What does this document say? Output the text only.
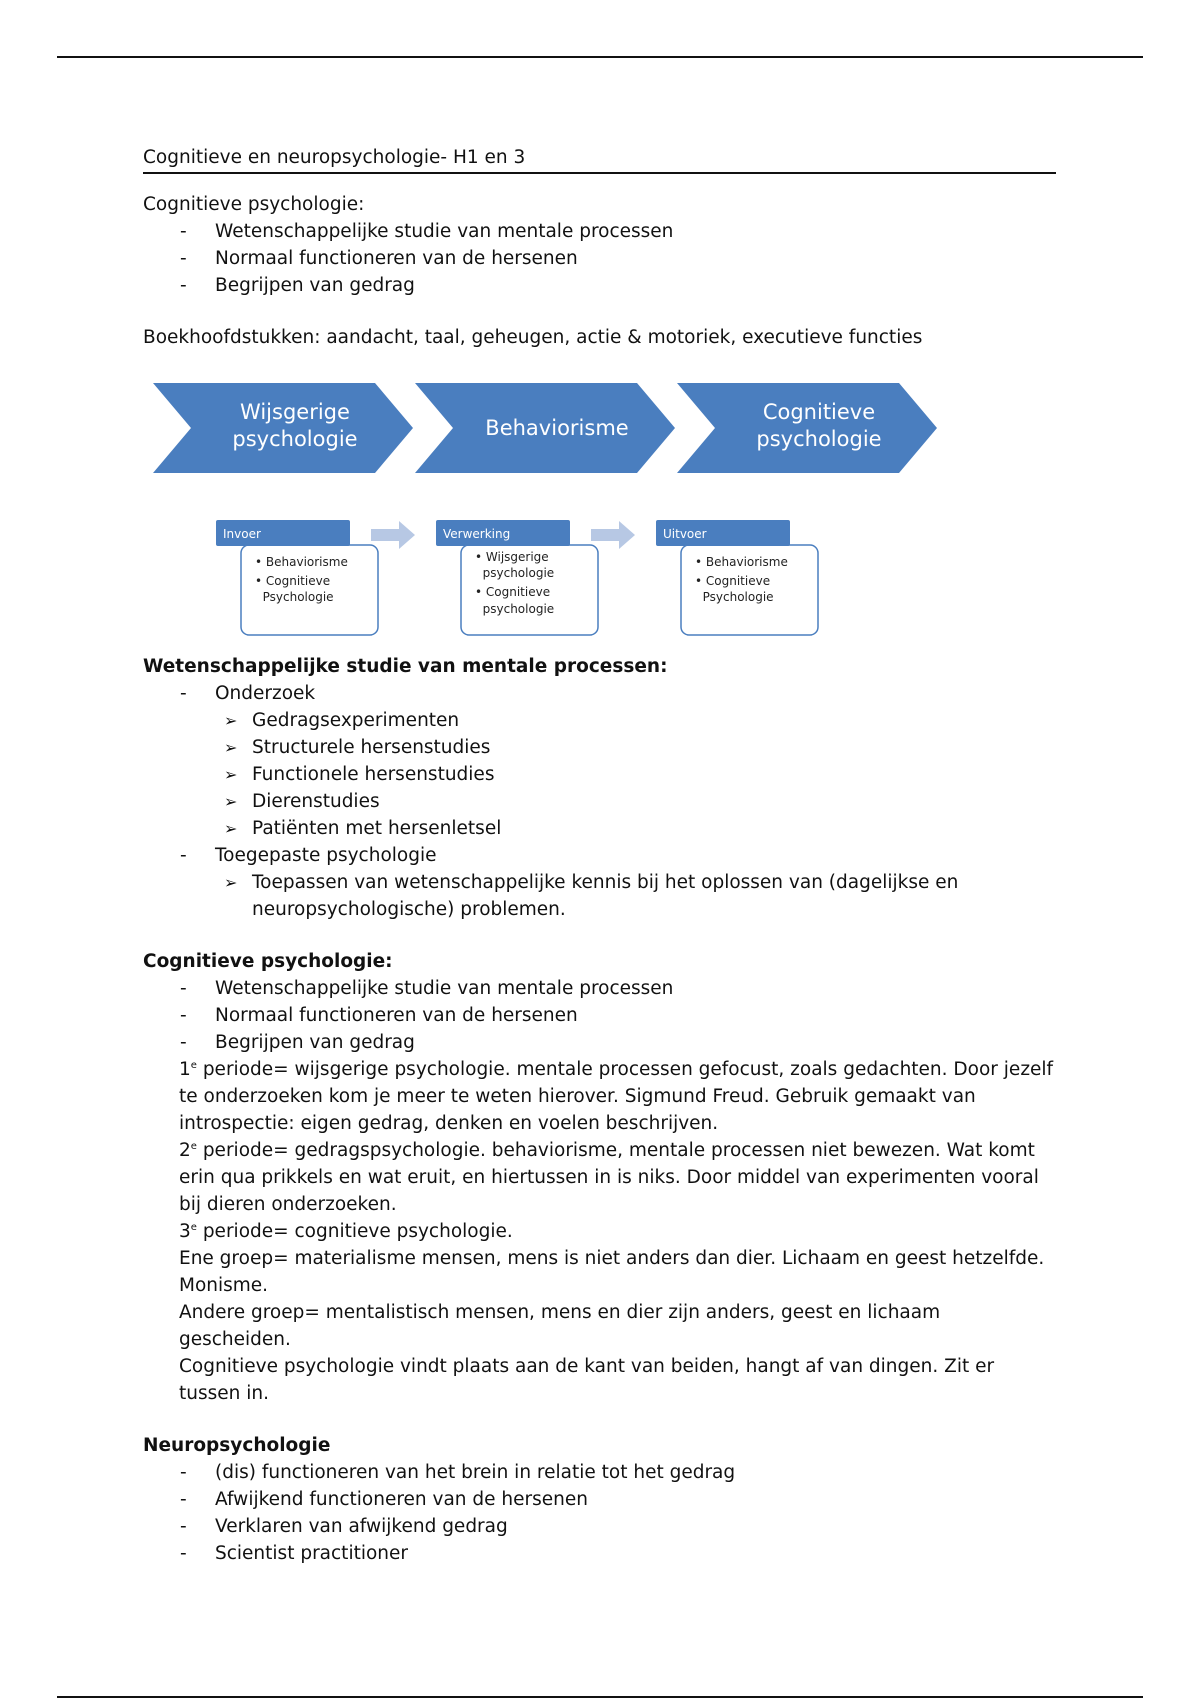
Cognitieve en neuropsychologie- H1 en 3

Cognitieve psychologie:

- Wetenschappelijke studie van mentale processen
- Normaal functioneren van de hersenen
- Begrijpen van gedrag

Boekhoofdstukken: aandacht, taal, geheugen, actie & motoriek, executieve functies

Wijsgerige
psychologie	Behaviorisme
Cognitieve
psychologie
Invoer
• Behaviorisme
• Cognitieve
Psychologie
Verwerking
• Wijsgerige
psychologie
• Cognitieve
psychologie
Uitvoer
• Behaviorisme
• Cognitieve
Psychologie

Wetenschappelijke studie van mentale processen:

- Onderzoek
➢ Gedragsexperimenten
➢ Structurele hersenstudies
➢ Functionele hersenstudies
➢ Dierenstudies
➢ Patiënten met hersenletsel
- Toegepaste psychologie
➢ Toepassen van wetenschappelijke kennis bij het oplossen van (dagelijkse en neuropsychologische) problemen.

Cognitieve psychologie:

- Wetenschappelijke studie van mentale processen
- Normaal functioneren van de hersenen
- Begrijpen van gedrag

1e periode= wijsgerige psychologie. mentale processen gefocust, zoals gedachten. Door jezelf te onderzoeken kom je meer te weten hierover. Sigmund Freud. Gebruik gemaakt van introspectie: eigen gedrag, denken en voelen beschrijven.

2e periode= gedragspsychologie. behaviorisme, mentale processen niet bewezen. Wat komt erin qua prikkels en wat eruit, en hiertussen in is niks. Door middel van experimenten vooral bij dieren onderzoeken.

3e periode= cognitieve psychologie.

Ene groep= materialisme mensen, mens is niet anders dan dier. Lichaam en geest hetzelfde. Monisme.

Andere groep= mentalistisch mensen, mens en dier zijn anders, geest en lichaam gescheiden.

Cognitieve psychologie vindt plaats aan de kant van beiden, hangt af van dingen. Zit er tussen in.

Neuropsychologie

- (dis) functioneren van het brein in relatie tot het gedrag
- Afwijkend functioneren van de hersenen
- Verklaren van afwijkend gedrag
- Scientist practitioner
